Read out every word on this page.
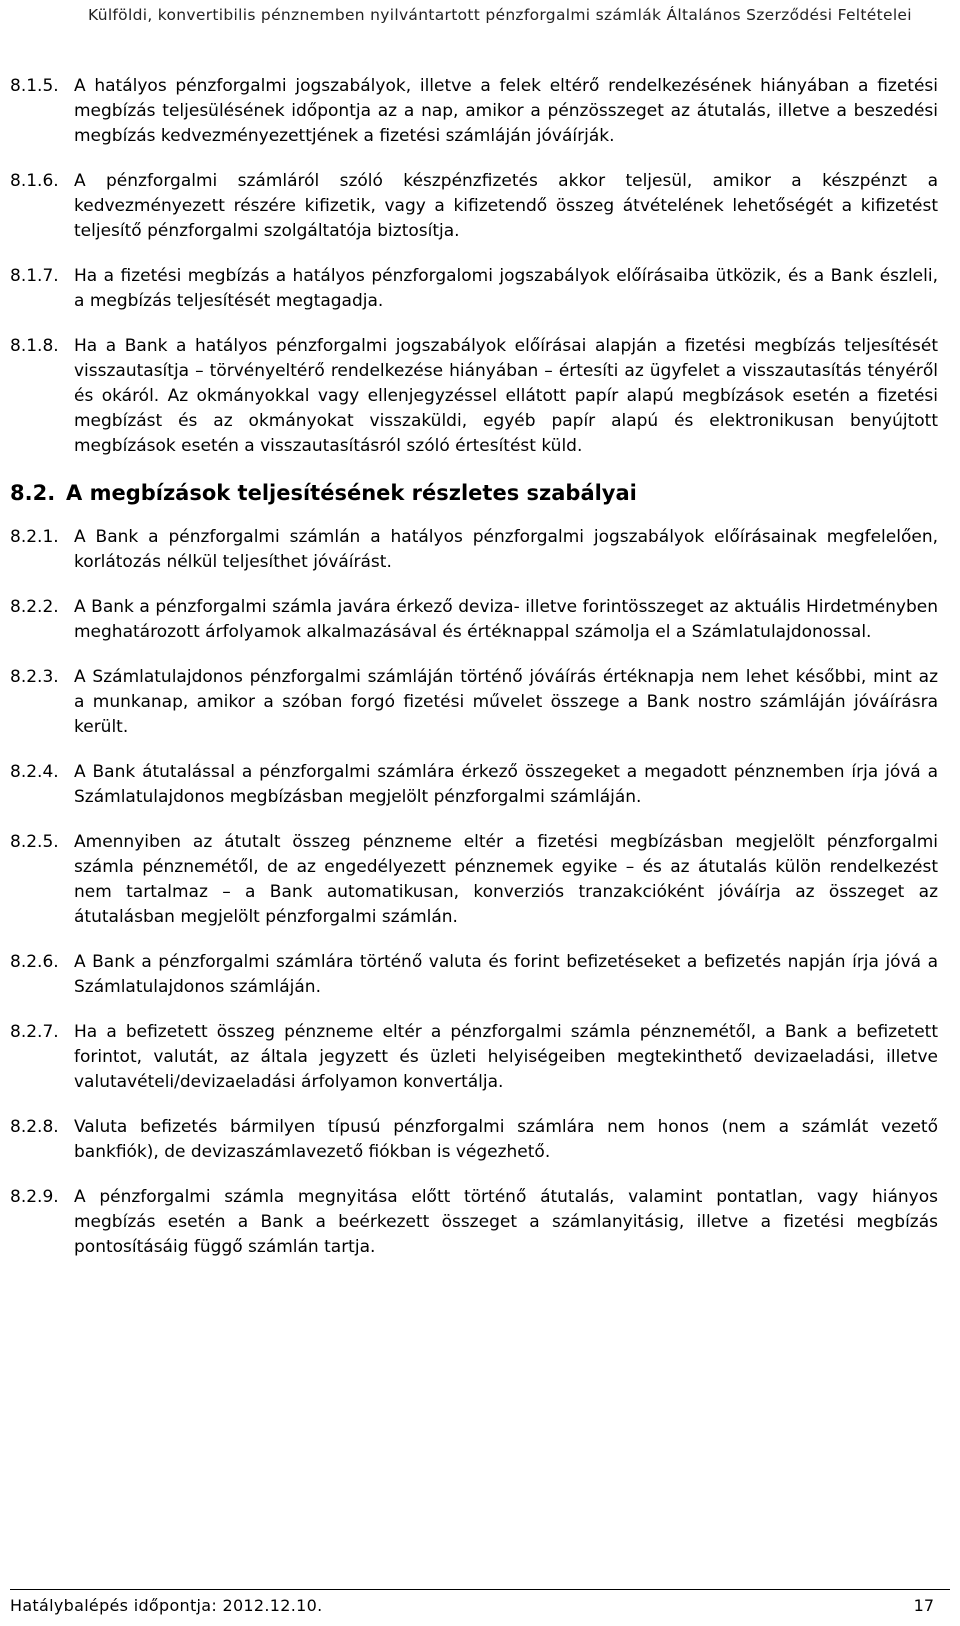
Külföldi, konvertibilis pénznemben nyilvántartott pénzforgalmi számlák Általános Szerződési Feltételei
8.1.5. A hatályos pénzforgalmi jogszabályok, illetve a felek eltérő rendelkezésének hiányában a fizetési megbízás teljesülésének időpontja az a nap, amikor a pénzösszeget az átutalás, illetve a beszedési megbízás kedvezményezettjének a fizetési számláján jóváírják.
8.1.6. A pénzforgalmi számláról szóló készpénzfizetés akkor teljesül, amikor a készpénzt a kedvezményezett részére kifizetik, vagy a kifizetendő összeg átvételének lehetőségét a kifizetést teljesítő pénzforgalmi szolgáltatója biztosítja.
8.1.7. Ha a fizetési megbízás a hatályos pénzforgalomi jogszabályok előírásaiba ütközik, és a Bank észleli, a megbízás teljesítését megtagadja.
8.1.8. Ha a Bank a hatályos pénzforgalmi jogszabályok előírásai alapján a fizetési megbízás teljesítését visszautasítja – törvényeltérő rendelkezése hiányában – értesíti az ügyfelet a visszautasítás tényéről és okáról. Az okmányokkal vagy ellenjegyzéssel ellátott papír alapú megbízások esetén a fizetési megbízást és az okmányokat visszaküldi, egyéb papír alapú és elektronikusan benyújtott megbízások esetén a visszautasításról szóló értesítést küld.
8.2. A megbízások teljesítésének részletes szabályai
8.2.1. A Bank a pénzforgalmi számlán a hatályos pénzforgalmi jogszabályok előírásainak megfelelően, korlátozás nélkül teljesíthet jóváírást.
8.2.2. A Bank a pénzforgalmi számla javára érkező deviza- illetve forintösszeget az aktuális Hirdetményben meghatározott árfolyamok alkalmazásával és értéknappal számolja el a Számlatulajdonossal.
8.2.3. A Számlatulajdonos pénzforgalmi számláján történő jóváírás értéknapja nem lehet későbbi, mint az a munkanap, amikor a szóban forgó fizetési művelet összege a Bank nostro számláján jóváírásra került.
8.2.4. A Bank átutalással a pénzforgalmi számlára érkező összegeket a megadott pénznemben írja jóvá a Számlatulajdonos megbízásban megjelölt pénzforgalmi számláján.
8.2.5. Amennyiben az átutalt összeg pénzneme eltér a fizetési megbízásban megjelölt pénzforgalmi számla pénznemétől, de az engedélyezett pénznemek egyike – és az átutalás külön rendelkezést nem tartalmaz – a Bank automatikusan, konverziós tranzakcióként jóváírja az összeget az átutalásban megjelölt pénzforgalmi számlán.
8.2.6. A Bank a pénzforgalmi számlára történő valuta és forint befizetéseket a befizetés napján írja jóvá a Számlatulajdonos számláján.
8.2.7. Ha a befizetett összeg pénzneme eltér a pénzforgalmi számla pénznemétől, a Bank a befizetett forintot, valutát, az általa jegyzett és üzleti helyiségeiben megtekinthető devizaeladási, illetve valutavételi/devizaeladási árfolyamon konvertálja.
8.2.8. Valuta befizetés bármilyen típusú pénzforgalmi számlára nem honos (nem a számlát vezető bankfiók), de devizaszámlavezető fiókban is végezhető.
8.2.9. A pénzforgalmi számla megnyitása előtt történő átutalás, valamint pontatlan, vagy hiányos megbízás esetén a Bank a beérkezett összeget a számlanyitásig, illetve a fizetési megbízás pontosításáig függő számlán tartja.
Hatálybalépés időpontja: 2012.12.10.	17
